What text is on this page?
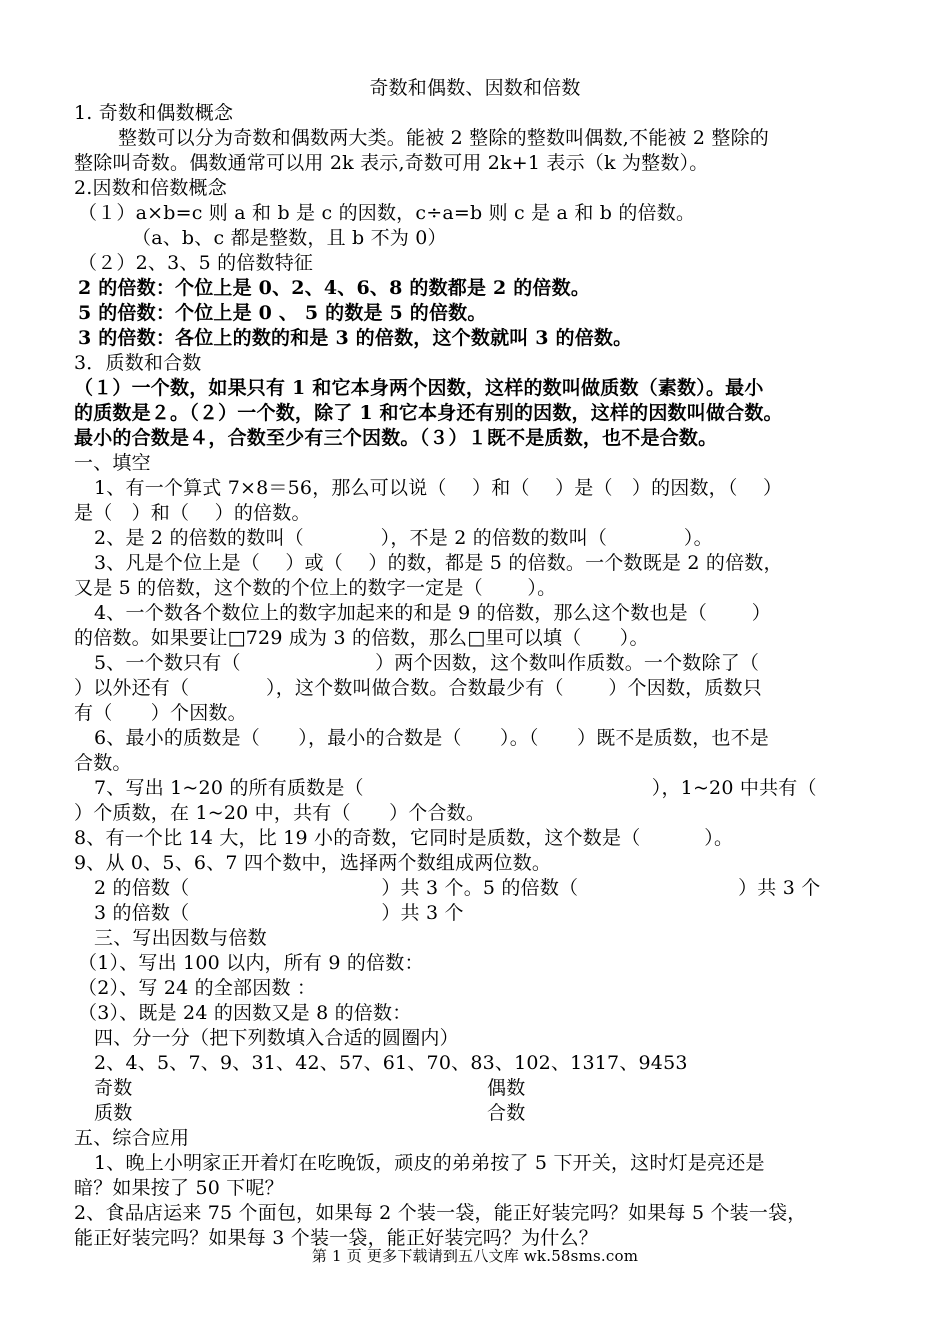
奇数和偶数、因数和倍数
1. 奇数和偶数概念
整数可以分为奇数和偶数两大类。能被 2 整除的整数叫偶数,不能被 2 整除的
整除叫奇数。偶数通常可以用 2k 表示,奇数可用 2k+1 表示（k 为整数）。
2.因数和倍数概念
（１）a×b=c 则 a 和 b 是 c 的因数，c÷a=b 则 c 是 a 和 b 的倍数。
（a、b、c 都是整数，且 b 不为 0）
（２）2、3、5 的倍数特征
2 的倍数：个位上是 0、2、4、6、8 的数都是 2 的倍数。
5 的倍数：个位上是 0 、 5 的数是 5 的倍数。
3 的倍数：各位上的数的和是 3 的倍数，这个数就叫 3 的倍数。
3．质数和合数
（１）一个数，如果只有 1 和它本身两个因数，这样的数叫做质数（素数）。最小
的质数是２。（２）一个数，除了 1 和它本身还有别的因数，这样的因数叫做合数。
最小的合数是４，合数至少有三个因数。（３）１既不是质数，也不是合数。
一、填空
1、有一个算式 7×8＝56，那么可以说（　 ）和（　 ）是（　）的因数，（　 ）
是（　）和（　 ）的倍数。
2、是 2 的倍数的数叫（　　　　），不是 2 的倍数的数叫（　　　　）。
3、凡是个位上是（　 ）或（　 ）的数，都是 5 的倍数。一个数既是 2 的倍数，
又是 5 的倍数，这个数的个位上的数字一定是（　　 ）。
4、一个数各个数位上的数字加起来的和是 9 的倍数，那么这个数也是（　　 ）
的倍数。如果要让□729 成为 3 的倍数，那么□里可以填（　　）。
5、一个数只有（　　　　　　　）两个因数，这个数叫作质数。一个数除了（
）以外还有（　　　　），这个数叫做合数。合数最少有（　　 ）个因数，质数只
有（　　）个因数。
6、最小的质数是（　　），最小的合数是（　　）。（　　）既不是质数，也不是
合数。
7、写出 1~20 的所有质数是（　　　　　　　　　　　　　　　），1~20 中共有（
）个质数，在 1~20 中，共有（　　）个合数。
8、有一个比 14 大，比 19 小的奇数，它同时是质数，这个数是（　　　 ）。
9、从 0、5、6、7 四个数中，选择两个数组成两位数。
2 的倍数（　　　　　　　　　　）共 3 个。5 的倍数（　　　　　　　　 ）共 3 个
3 的倍数（　　　　　　　　　　）共 3 个
三、写出因数与倍数
（1）、写出 100 以内，所有 9 的倍数：
（2）、写 24 的全部因数 ：
（3）、既是 24 的因数又是 8 的倍数：
四、分一分（把下列数填入合适的圆圈内）
2、4、5、7、9、31、42、57、61、70、83、102、1317、9453
奇数	偶数
质数	合数
五、综合应用
1、晚上小明家正开着灯在吃晚饭，顽皮的弟弟按了 5 下开关，这时灯是亮还是
暗？如果按了 50 下呢？
2、食品店运来 75 个面包，如果每 2 个装一袋，能正好装完吗？如果每 5 个装一袋，
能正好装完吗？如果每 3 个装一袋，能正好装完吗？为什么？
第 1 页 更多下载请到五八文库 wk.58sms.com
